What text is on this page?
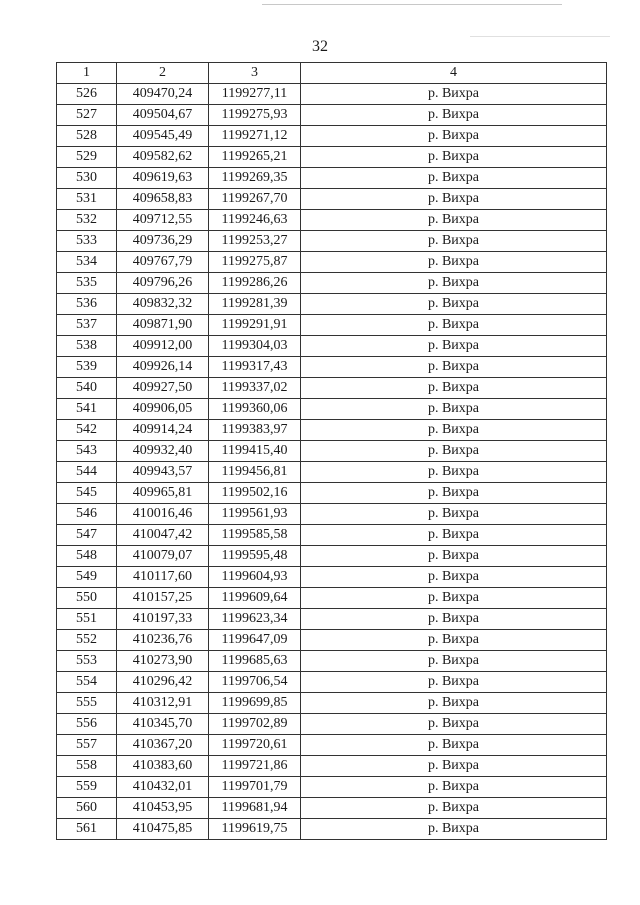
32
1	2	3	4
526	409470,24	1199277,11	р. Вихра
527	409504,67	1199275,93	р. Вихра
528	409545,49	1199271,12	р. Вихра
529	409582,62	1199265,21	р. Вихра
530	409619,63	1199269,35	р. Вихра
531	409658,83	1199267,70	р. Вихра
532	409712,55	1199246,63	р. Вихра
533	409736,29	1199253,27	р. Вихра
534	409767,79	1199275,87	р. Вихра
535	409796,26	1199286,26	р. Вихра
536	409832,32	1199281,39	р. Вихра
537	409871,90	1199291,91	р. Вихра
538	409912,00	1199304,03	р. Вихра
539	409926,14	1199317,43	р. Вихра
540	409927,50	1199337,02	р. Вихра
541	409906,05	1199360,06	р. Вихра
542	409914,24	1199383,97	р. Вихра
543	409932,40	1199415,40	р. Вихра
544	409943,57	1199456,81	р. Вихра
545	409965,81	1199502,16	р. Вихра
546	410016,46	1199561,93	р. Вихра
547	410047,42	1199585,58	р. Вихра
548	410079,07	1199595,48	р. Вихра
549	410117,60	1199604,93	р. Вихра
550	410157,25	1199609,64	р. Вихра
551	410197,33	1199623,34	р. Вихра
552	410236,76	1199647,09	р. Вихра
553	410273,90	1199685,63	р. Вихра
554	410296,42	1199706,54	р. Вихра
555	410312,91	1199699,85	р. Вихра
556	410345,70	1199702,89	р. Вихра
557	410367,20	1199720,61	р. Вихра
558	410383,60	1199721,86	р. Вихра
559	410432,01	1199701,79	р. Вихра
560	410453,95	1199681,94	р. Вихра
561	410475,85	1199619,75	р. Вихра
